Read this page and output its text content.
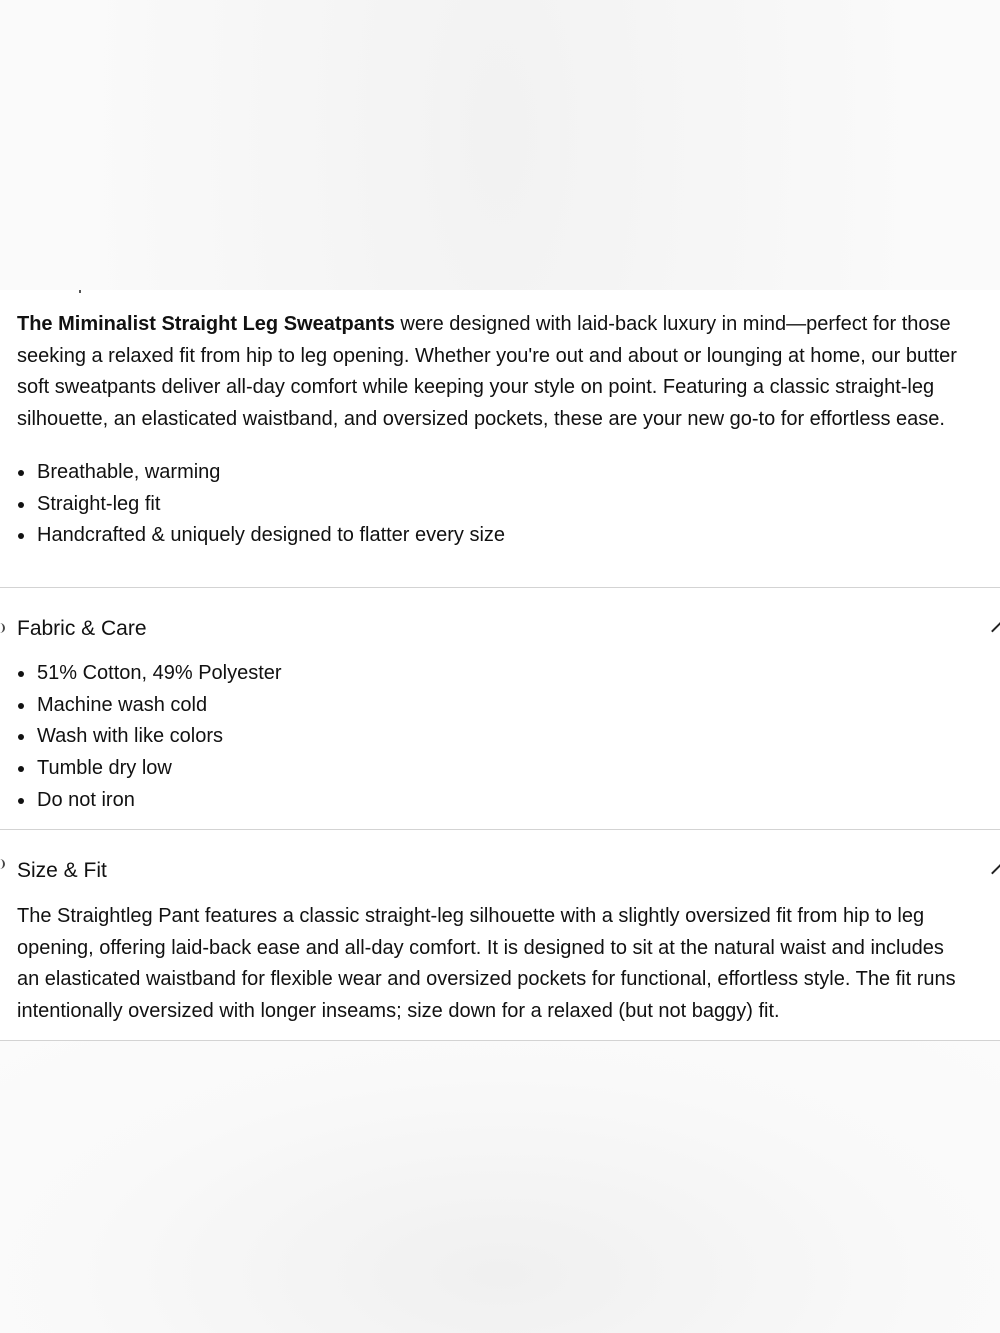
The Miminalist Straight Leg Sweatpants were designed with laid-back luxury in mind—perfect for those
seeking a relaxed fit from hip to leg opening. Whether you're out and about or lounging at home, our butter
soft sweatpants deliver all-day comfort while keeping your style on point. Featuring a classic straight-leg
silhouette, an elasticated waistband, and oversized pockets, these are your new go-to for effortless ease.

Breathable, warming
Straight-leg fit
Handcrafted & uniquely designed to flatter every size
51% Cotton, 49% Polyester
Machine wash cold
Wash with like colors
Tumble dry low
Do not iron

The Straightleg Pant features a classic straight-leg silhouette with a slightly oversized fit from hip to leg
opening, offering laid-back ease and all-day comfort. It is designed to sit at the natural waist and includes
an elasticated waistband for flexible wear and oversized pockets for functional, effortless style. The fit runs
intentionally oversized with longer inseams; size down for a relaxed (but not baggy) fit.

Fabric & Care
Size & Fit
